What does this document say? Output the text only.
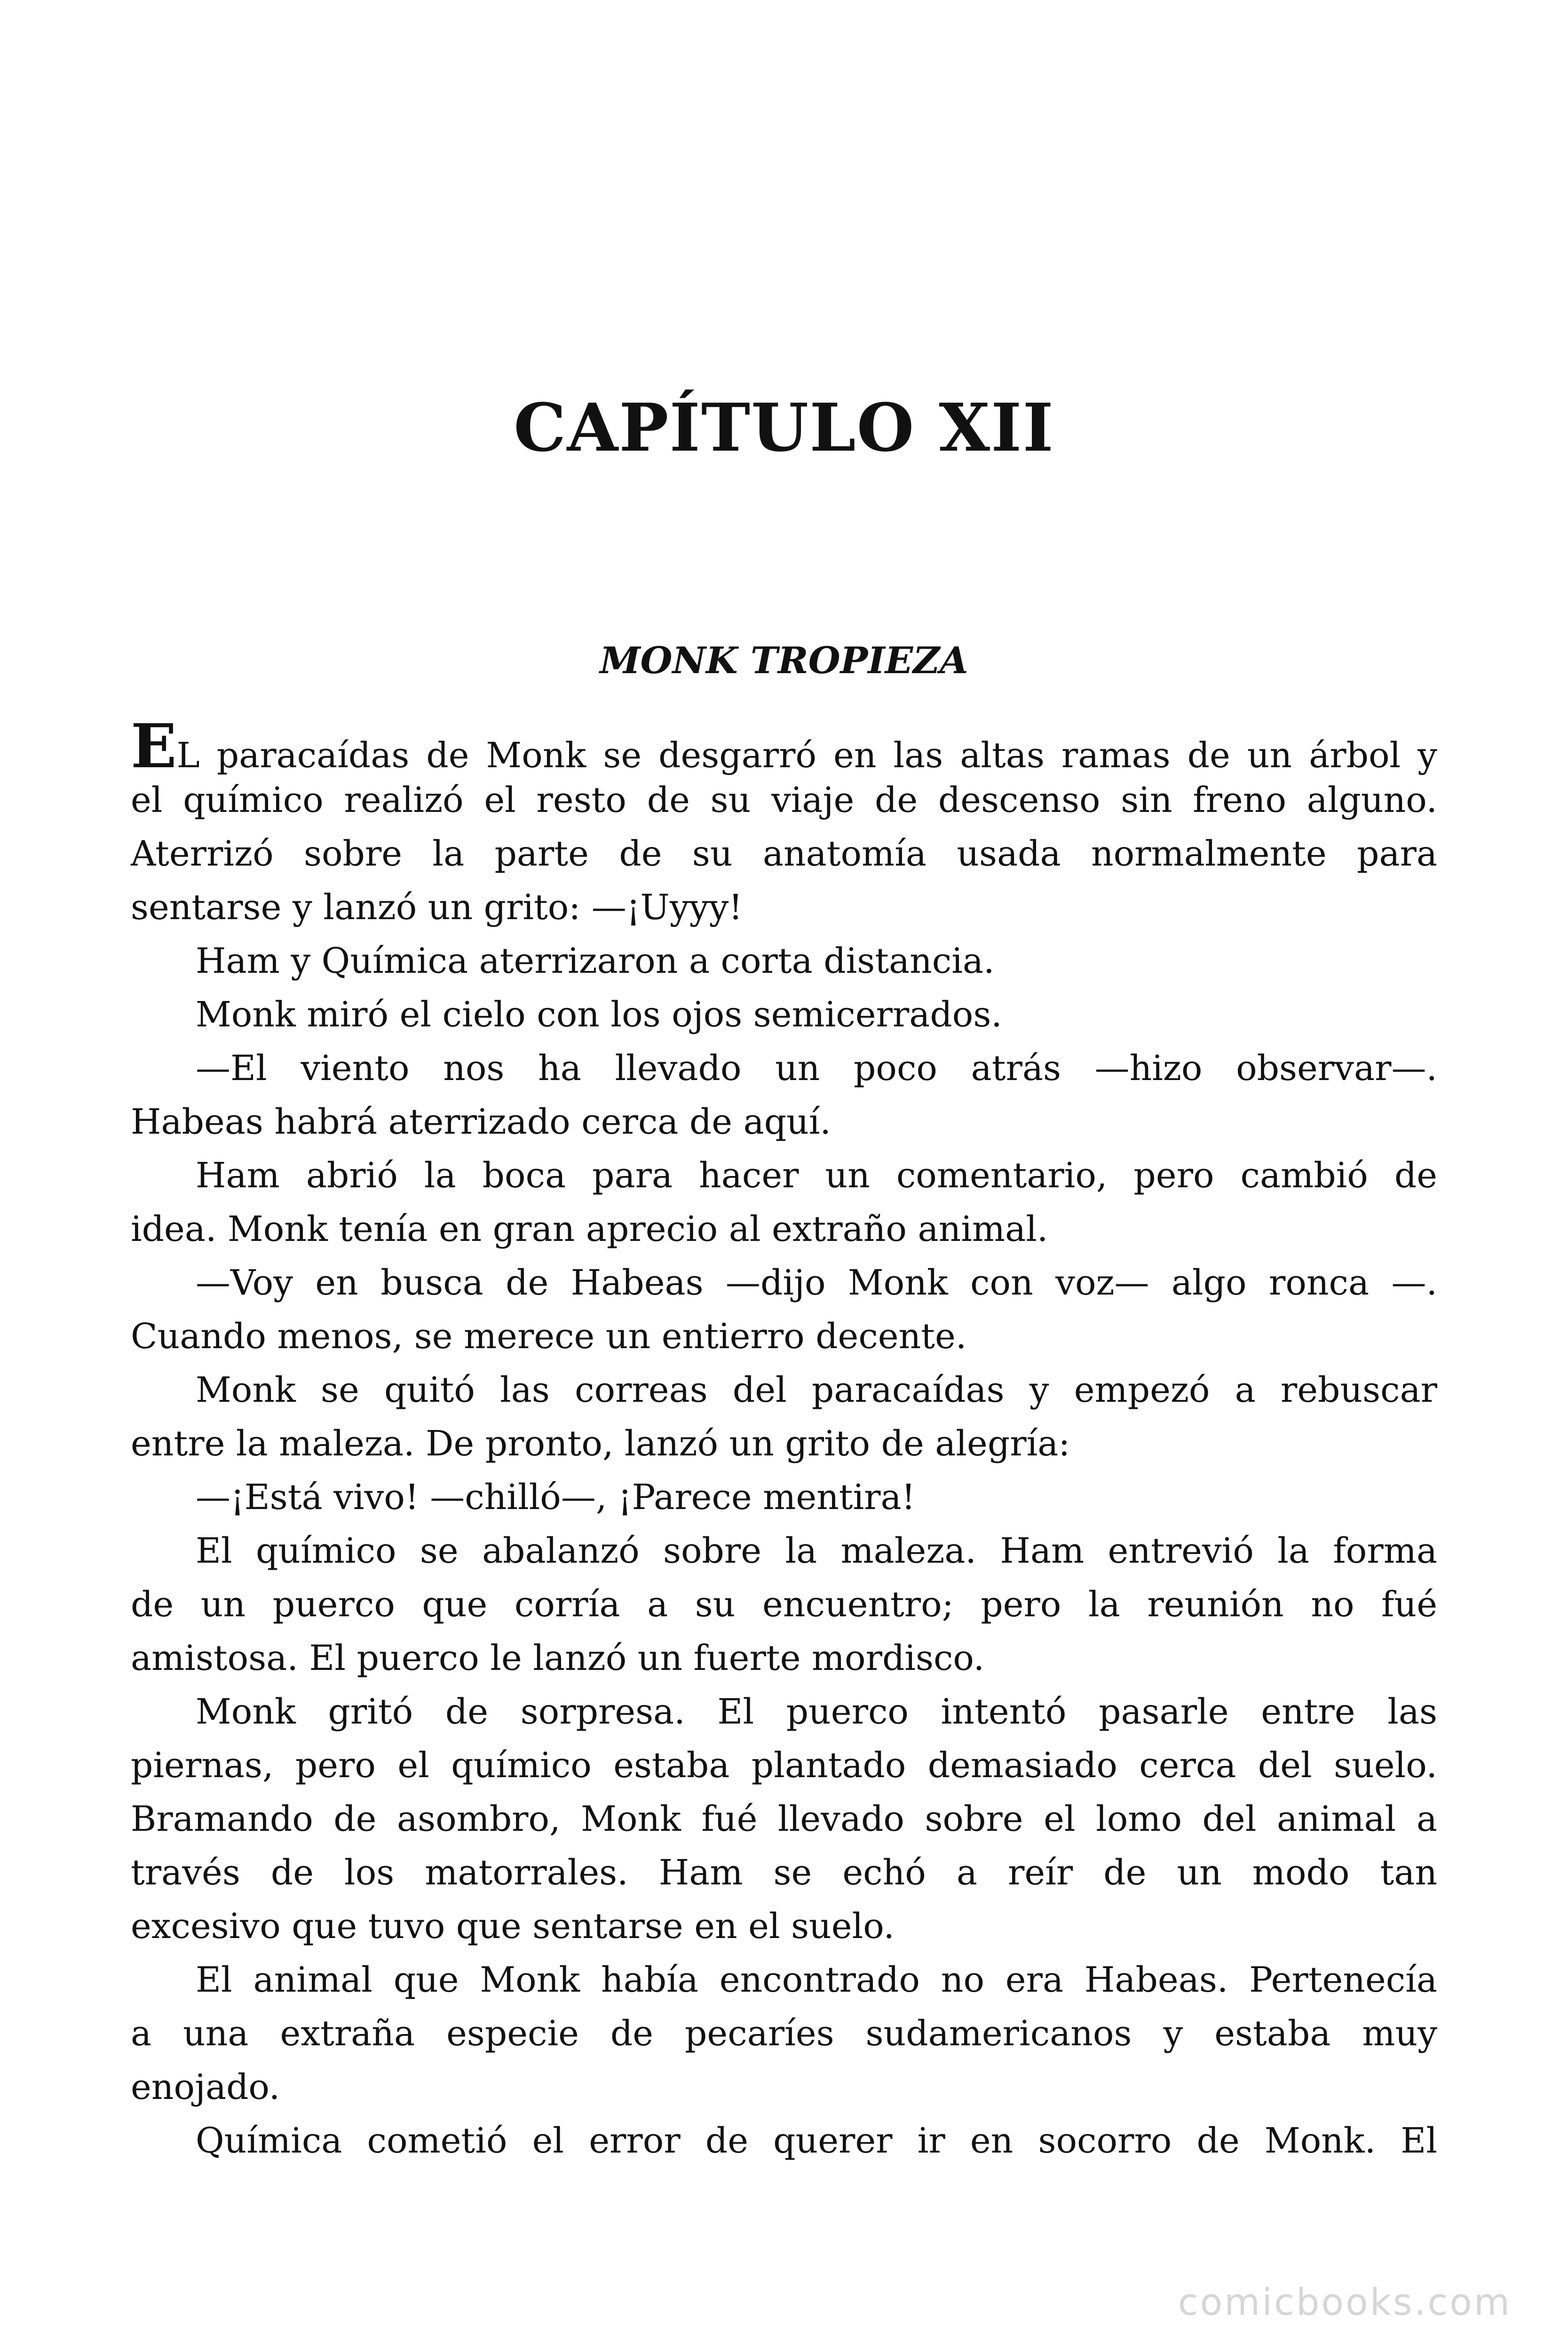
CAPÍTULO XII
MONK TROPIEZA
EL paracaídas de Monk se desgarró en las altas ramas de un árbol y
el químico realizó el resto de su viaje de descenso sin freno alguno.
Aterrizó sobre la parte de su anatomía usada normalmente para
sentarse y lanzó un grito: —¡Uyyy!
Ham y Química aterrizaron a corta distancia.
Monk miró el cielo con los ojos semicerrados.
—El viento nos ha llevado un poco atrás —hizo observar—.
Habeas habrá aterrizado cerca de aquí.
Ham abrió la boca para hacer un comentario, pero cambió de
idea. Monk tenía en gran aprecio al extraño animal.
—Voy en busca de Habeas —dijo Monk con voz— algo ronca —.
Cuando menos, se merece un entierro decente.
Monk se quitó las correas del paracaídas y empezó a rebuscar
entre la maleza. De pronto, lanzó un grito de alegría:
—¡Está vivo! —chilló—, ¡Parece mentira!
El químico se abalanzó sobre la maleza. Ham entrevió la forma
de un puerco que corría a su encuentro; pero la reunión no fué
amistosa. El puerco le lanzó un fuerte mordisco.
Monk gritó de sorpresa. El puerco intentó pasarle entre las
piernas, pero el químico estaba plantado demasiado cerca del suelo.
Bramando de asombro, Monk fué llevado sobre el lomo del animal a
través de los matorrales. Ham se echó a reír de un modo tan
excesivo que tuvo que sentarse en el suelo.
El animal que Monk había encontrado no era Habeas. Pertenecía
a una extraña especie de pecaríes sudamericanos y estaba muy
enojado.
Química cometió el error de querer ir en socorro de Monk. El
comicbooks.com
